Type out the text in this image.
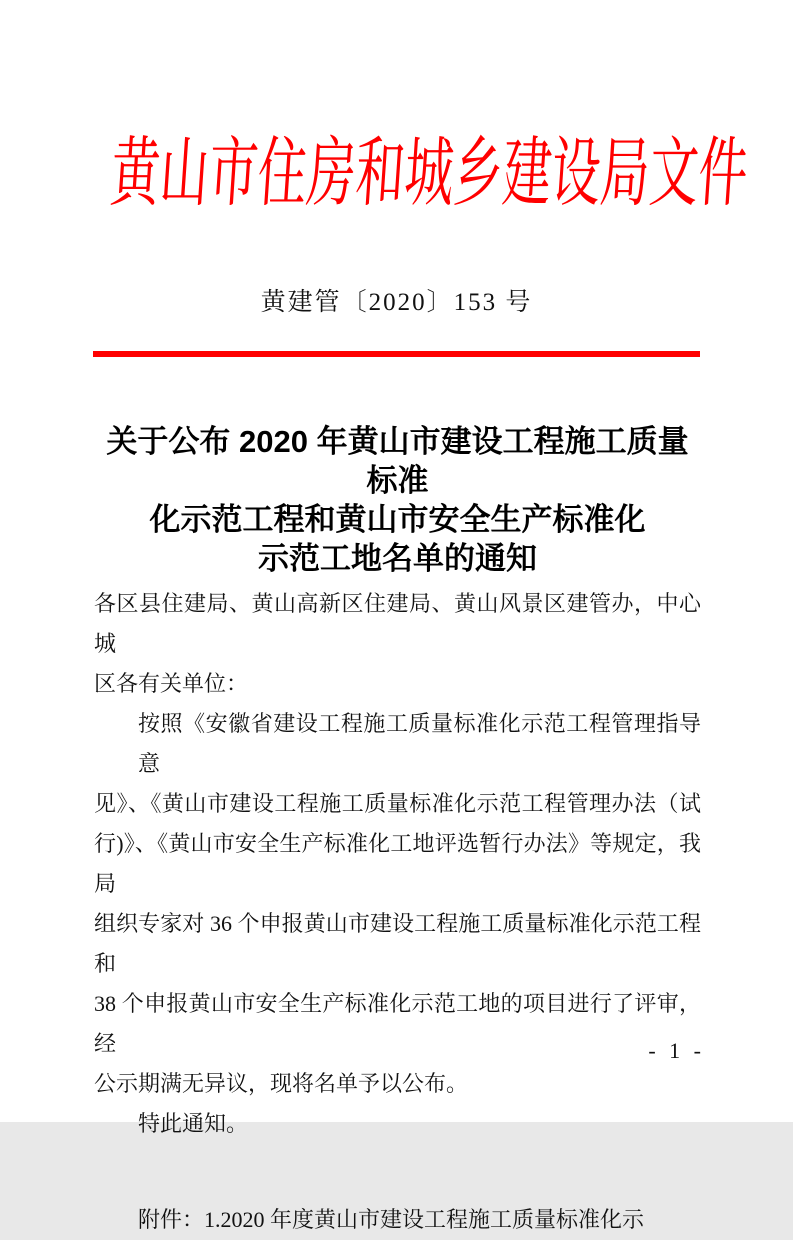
黄山市住房和城乡建设局文件
黄建管〔2020〕153 号
关于公布 2020 年黄山市建设工程施工质量标准
化示范工程和黄山市安全生产标准化
示范工地名单的通知
各区县住建局、黄山高新区住建局、黄山风景区建管办，中心城
区各有关单位：
按照《安徽省建设工程施工质量标准化示范工程管理指导意
见》、《黄山市建设工程施工质量标准化示范工程管理办法（试
行)》、《黄山市安全生产标准化工地评选暂行办法》等规定，我局
组织专家对 36 个申报黄山市建设工程施工质量标准化示范工程和
38 个申报黄山市安全生产标准化示范工地的项目进行了评审，经
公示期满无异议，现将名单予以公布。
特此通知。
附件：1.2020 年度黄山市建设工程施工质量标准化示
- 1 -
